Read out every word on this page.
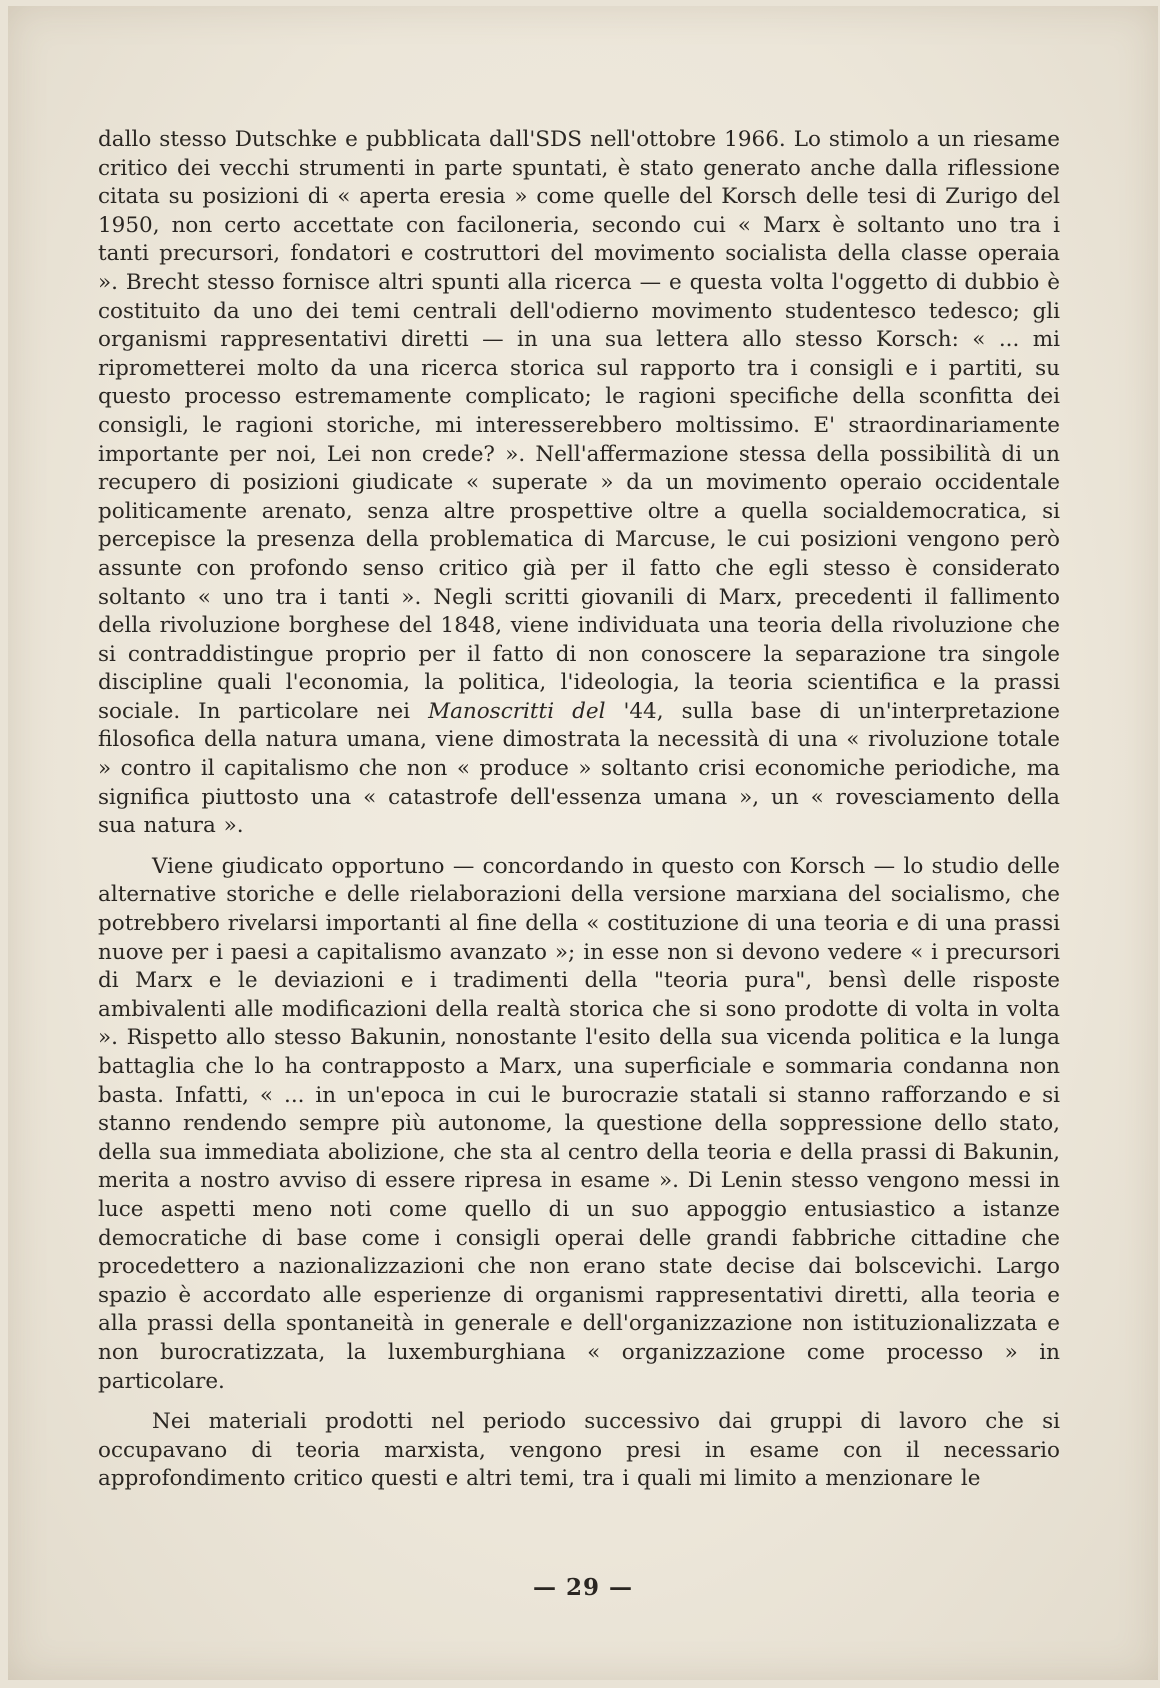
dallo stesso Dutschke e pubblicata dall'SDS nell'ottobre 1966. Lo stimolo a un riesame critico dei vecchi strumenti in parte spuntati, è stato generato anche dalla riflessione citata su posizioni di « aperta eresia » come quelle del Korsch delle tesi di Zurigo del 1950, non certo accettate con faciloneria, secondo cui « Marx è soltanto uno tra i tanti precursori, fondatori e costruttori del movimento socialista della classe operaia ». Brecht stesso fornisce altri spunti alla ricerca — e questa volta l'oggetto di dubbio è costituito da uno dei temi centrali dell'odierno movimento studentesco tedesco; gli organismi rappresentativi diretti — in una sua lettera allo stesso Korsch: « ... mi riprometterei molto da una ricerca storica sul rapporto tra i consigli e i partiti, su questo processo estremamente complicato; le ragioni specifiche della sconfitta dei consigli, le ragioni storiche, mi interesserebbero moltissimo. E' straordinariamente importante per noi, Lei non crede? ». Nell'affermazione stessa della possibilità di un recupero di posizioni giudicate « superate » da un movimento operaio occidentale politicamente arenato, senza altre prospettive oltre a quella socialdemocratica, si percepisce la presenza della problematica di Marcuse, le cui posizioni vengono però assunte con profondo senso critico già per il fatto che egli stesso è considerato soltanto « uno tra i tanti ». Negli scritti giovanili di Marx, precedenti il fallimento della rivoluzione borghese del 1848, viene individuata una teoria della rivoluzione che si contraddistingue proprio per il fatto di non conoscere la separazione tra singole discipline quali l'economia, la politica, l'ideologia, la teoria scientifica e la prassi sociale. In particolare nei Manoscritti del '44, sulla base di un'interpretazione filosofica della natura umana, viene dimostrata la necessità di una « rivoluzione totale » contro il capitalismo che non « produce » soltanto crisi economiche periodiche, ma significa piuttosto una « catastrofe dell'essenza umana », un « rovesciamento della sua natura ».

Viene giudicato opportuno — concordando in questo con Korsch — lo studio delle alternative storiche e delle rielaborazioni della versione marxiana del socialismo, che potrebbero rivelarsi importanti al fine della « costituzione di una teoria e di una prassi nuove per i paesi a capitalismo avanzato »; in esse non si devono vedere « i precursori di Marx e le deviazioni e i tradimenti della "teoria pura", bensì delle risposte ambivalenti alle modificazioni della realtà storica che si sono prodotte di volta in volta ». Rispetto allo stesso Bakunin, nonostante l'esito della sua vicenda politica e la lunga battaglia che lo ha contrapposto a Marx, una superficiale e sommaria condanna non basta. Infatti, « ... in un'epoca in cui le burocrazie statali si stanno rafforzando e si stanno rendendo sempre più autonome, la questione della soppressione dello stato, della sua immediata abolizione, che sta al centro della teoria e della prassi di Bakunin, merita a nostro avviso di essere ripresa in esame ». Di Lenin stesso vengono messi in luce aspetti meno noti come quello di un suo appoggio entusiastico a istanze democratiche di base come i consigli operai delle grandi fabbriche cittadine che procedettero a nazionalizzazioni che non erano state decise dai bolscevichi. Largo spazio è accordato alle esperienze di organismi rappresentativi diretti, alla teoria e alla prassi della spontaneità in generale e dell'organizzazione non istituzionalizzata e non burocratizzata, la luxemburghiana « organizzazione come processo » in particolare.

Nei materiali prodotti nel periodo successivo dai gruppi di lavoro che si occupavano di teoria marxista, vengono presi in esame con il necessario approfondimento critico questi e altri temi, tra i quali mi limito a menzionare le

— 29 —
